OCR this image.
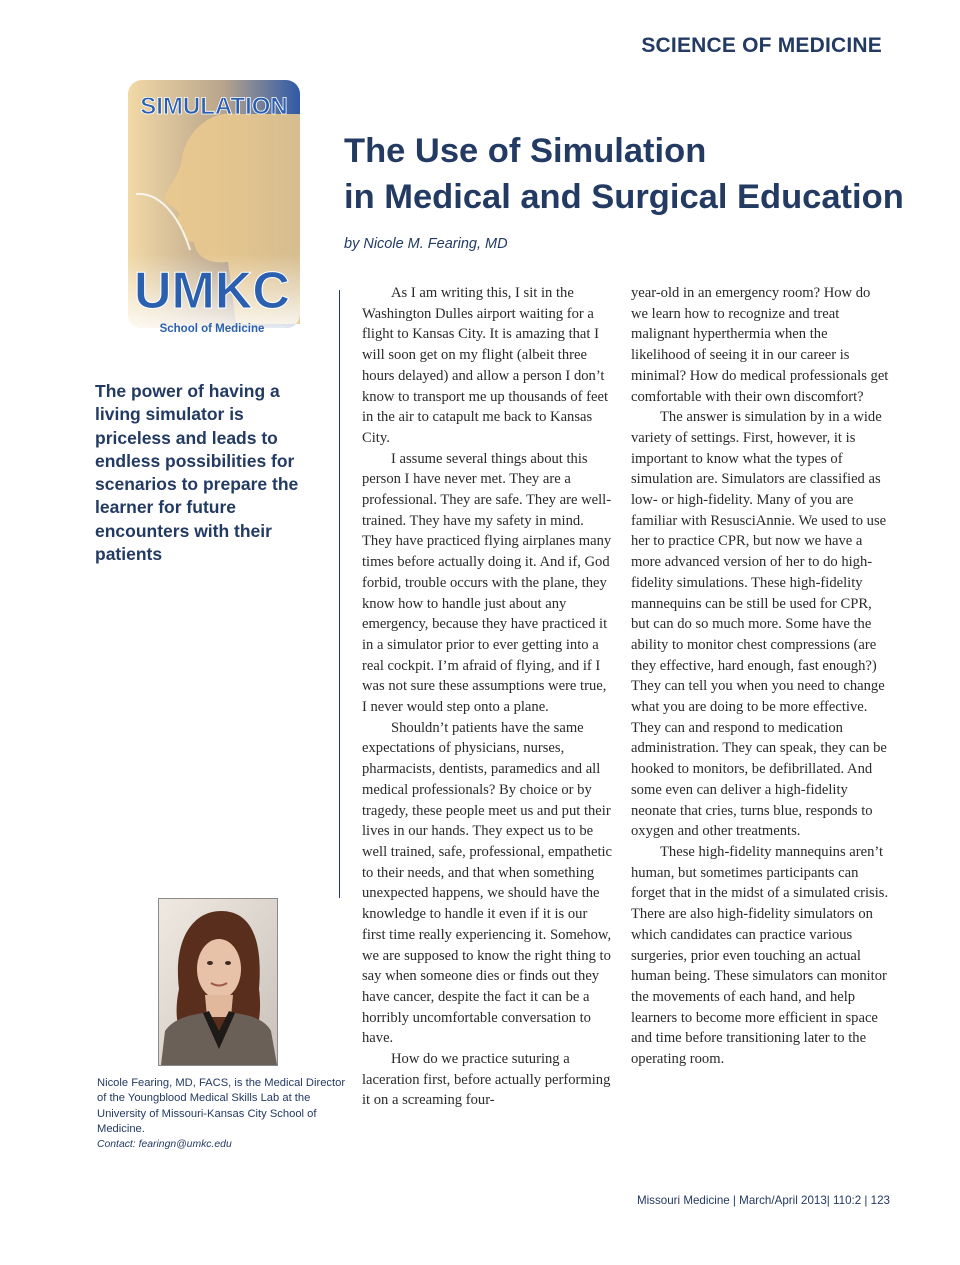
SCIENCE OF MEDICINE
SIMULATION
UMKC
School of Medicine
The Use of Simulation
in Medical and Surgical Education
by Nicole M. Fearing, MD

The power of having a living simulator is priceless and leads to endless possibilities for scenarios to prepare the learner for future encounters with their patients

As I am writing this, I sit in the Washington Dulles airport waiting for a flight to Kansas City. It is amazing that I will soon get on my flight (albeit three hours delayed) and allow a person I don’t know to transport me up thousands of feet in the air to catapult me back to Kansas City.

I assume several things about this person I have never met. They are a professional. They are safe. They are well-trained. They have my safety in mind. They have practiced flying airplanes many times before actually doing it. And if, God forbid, trouble occurs with the plane, they know how to handle just about any emergency, because they have practiced it in a simulator prior to ever getting into a real cockpit. I’m afraid of flying, and if I was not sure these assumptions were true, I never would step onto a plane.

Shouldn’t patients have the same expectations of physicians, nurses, pharmacists, dentists, paramedics and all medical professionals? By choice or by tragedy, these people meet us and put their lives in our hands. They expect us to be well trained, safe, professional, empathetic to their needs, and that when something unexpected happens, we should have the knowledge to handle it even if it is our first time really experiencing it. Somehow, we are supposed to know the right thing to say when someone dies or finds out they have cancer, despite the fact it can be a horribly uncomfortable conversation to have.

How do we practice suturing a laceration first, before actually performing it on a screaming four-

year-old in an emergency room? How do we learn how to recognize and treat malignant hyperthermia when the likelihood of seeing it in our career is minimal? How do medical professionals get comfortable with their own discomfort?

The answer is simulation by in a wide variety of settings. First, however, it is important to know what the types of simulation are. Simulators are classified as low- or high-fidelity. Many of you are familiar with ResusciAnnie. We used to use her to practice CPR, but now we have a more advanced version of her to do high-fidelity simulations. These high-fidelity mannequins can be still be used for CPR, but can do so much more. Some have the ability to monitor chest compressions (are they effective, hard enough, fast enough?) They can tell you when you need to change what you are doing to be more effective. They can and respond to medication administration. They can speak, they can be hooked to monitors, be defibrillated. And some even can deliver a high-fidelity neonate that cries, turns blue, responds to oxygen and other treatments.

These high-fidelity mannequins aren’t human, but sometimes participants can forget that in the midst of a simulated crisis. There are also high-fidelity simulators on which candidates can practice various surgeries, prior even touching an actual human being. These simulators can monitor the movements of each hand, and help learners to become more efficient in space and time before transitioning later to the operating room.

Nicole Fearing, MD, FACS, is the Medical Director of the Youngblood Medical Skills Lab at the University of Missouri-Kansas City School of Medicine.
Contact: fearingn@umkc.edu

Missouri Medicine | March/April 2013| 110:2 | 123
